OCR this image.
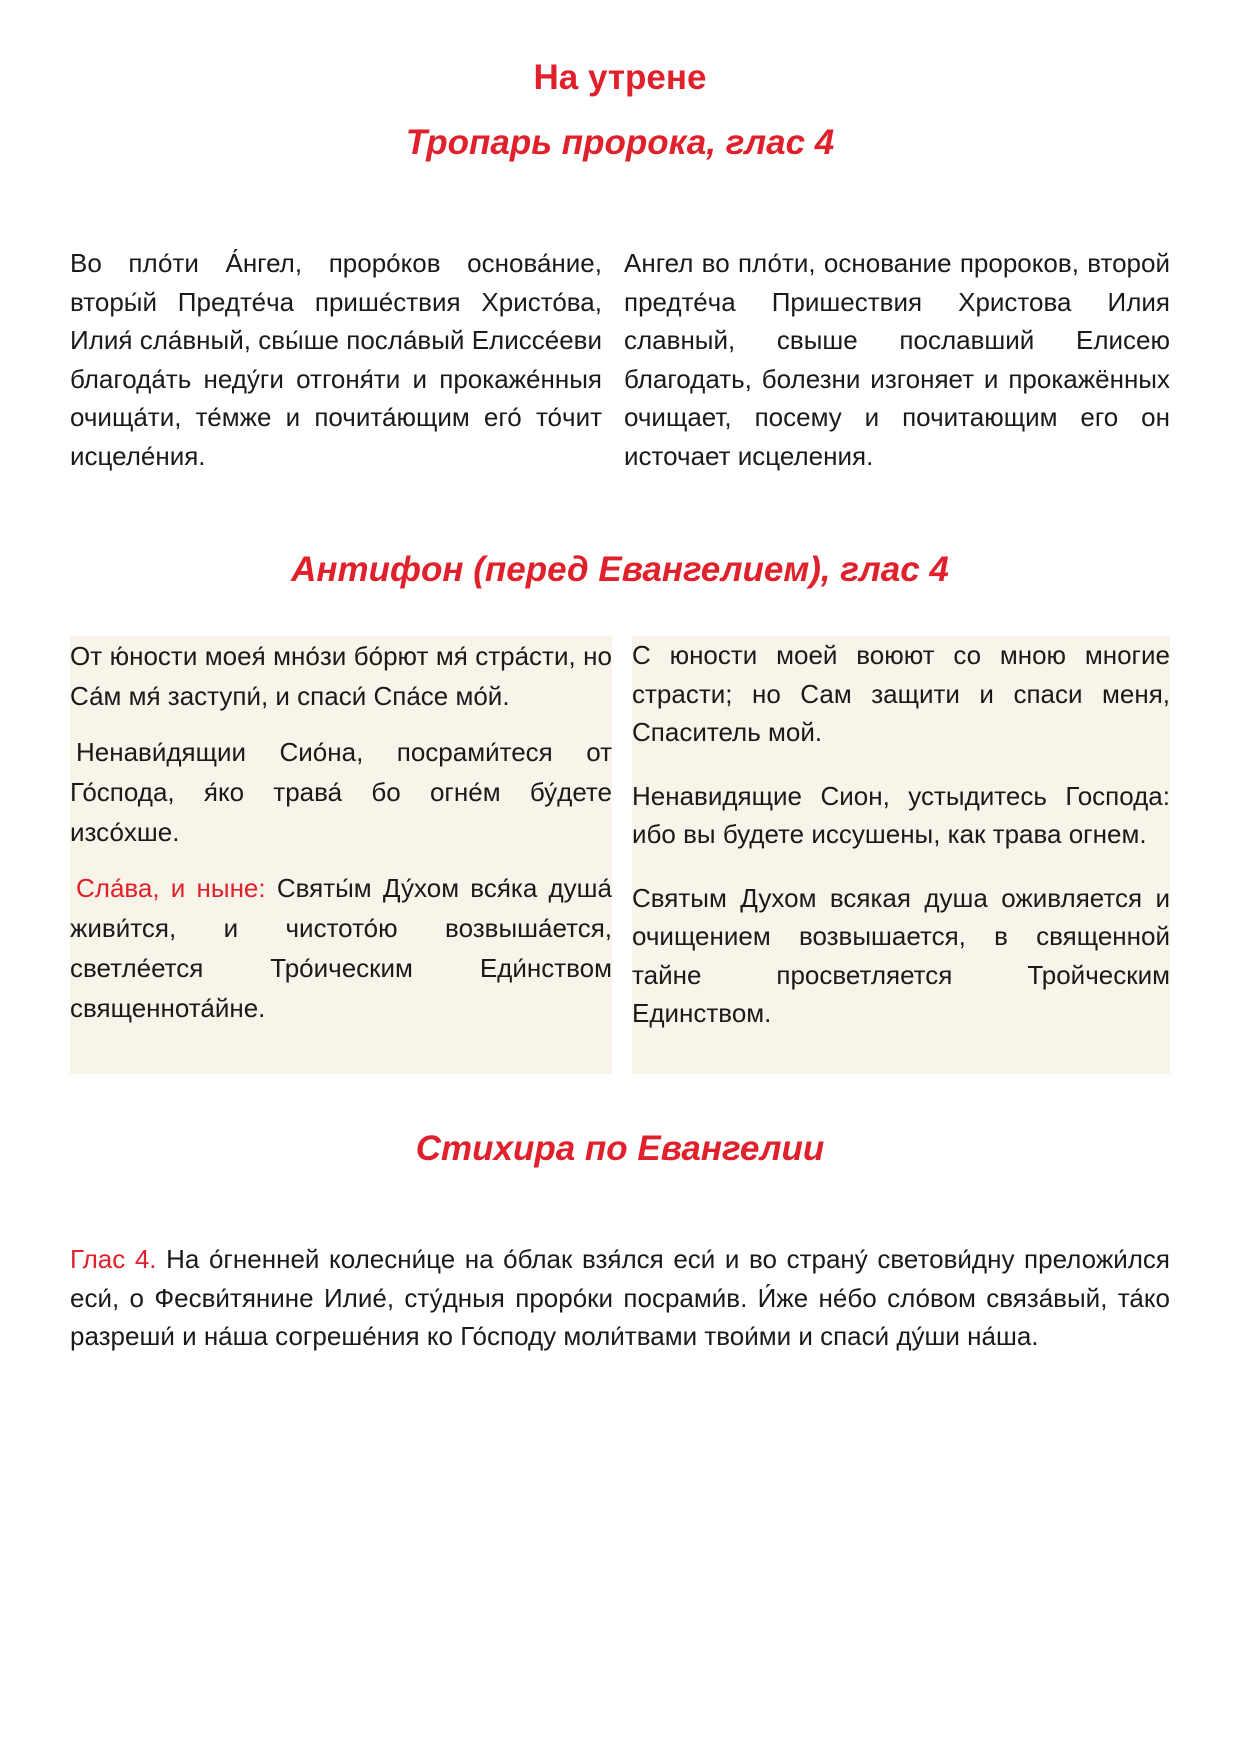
На утрене
Тропарь пророка, глас 4

Во пло́ти А́нгел, проро́ков основа́ние, вторы́й Предте́ча прише́ствия Христо́ва, Илия́ сла́вный, свы́ше посла́вый Елиссе́еви благода́ть неду́ги отгоня́ти и прокаже́нныя очища́ти, те́мже и почита́ющим его́ то́чит исцеле́ния.

Ангел во пло́ти, основание пророков, второй предте́ча Пришествия Христова Илия славный, свыше пославший Елисею благодать, болезни изгоняет и прокажённых очищает, посему и почитающим его он источает исцеления.

Антифон (перед Евангелием), глас 4

От ю́ности моея́ мно́зи бо́рют мя́ стра́сти, но Са́м мя́ заступи́, и спаси́ Спа́се мо́й.

Ненави́дящии Сио́на, посрами́теся от Го́спода, я́ко трава́ бо огне́м бу́дете изсо́хше.

Сла́ва, и ныне: Святы́м Ду́хом вся́ка душа́ живи́тся, и чистото́ю возвыша́ется, светле́ется Тро́ическим Еди́нством священнота́йне.

С юности моей воюют со мною многие страсти; но Сам защити и спаси меня, Спаситель мой.

Ненавидящие Сион, устыдитесь Господа: ибо вы будете иссушены, как трава огнем.

Святым Духом всякая душа оживляется и очищением возвышается, в священной тайне просветляется Тройческим Единством.

Стихира по Евангелии

Глас 4. На о́гненней колесни́це на о́блак взя́лся еси́ и во страну́ светови́дну преложи́лся еси́, о Фесви́тянине Илие́, сту́дныя проро́ки посрами́в. И́же не́бо сло́вом связа́вый, та́ко разреши́ и на́ша согреше́ния ко Го́споду моли́твами твои́ми и спаси́ ду́ши на́ша.
